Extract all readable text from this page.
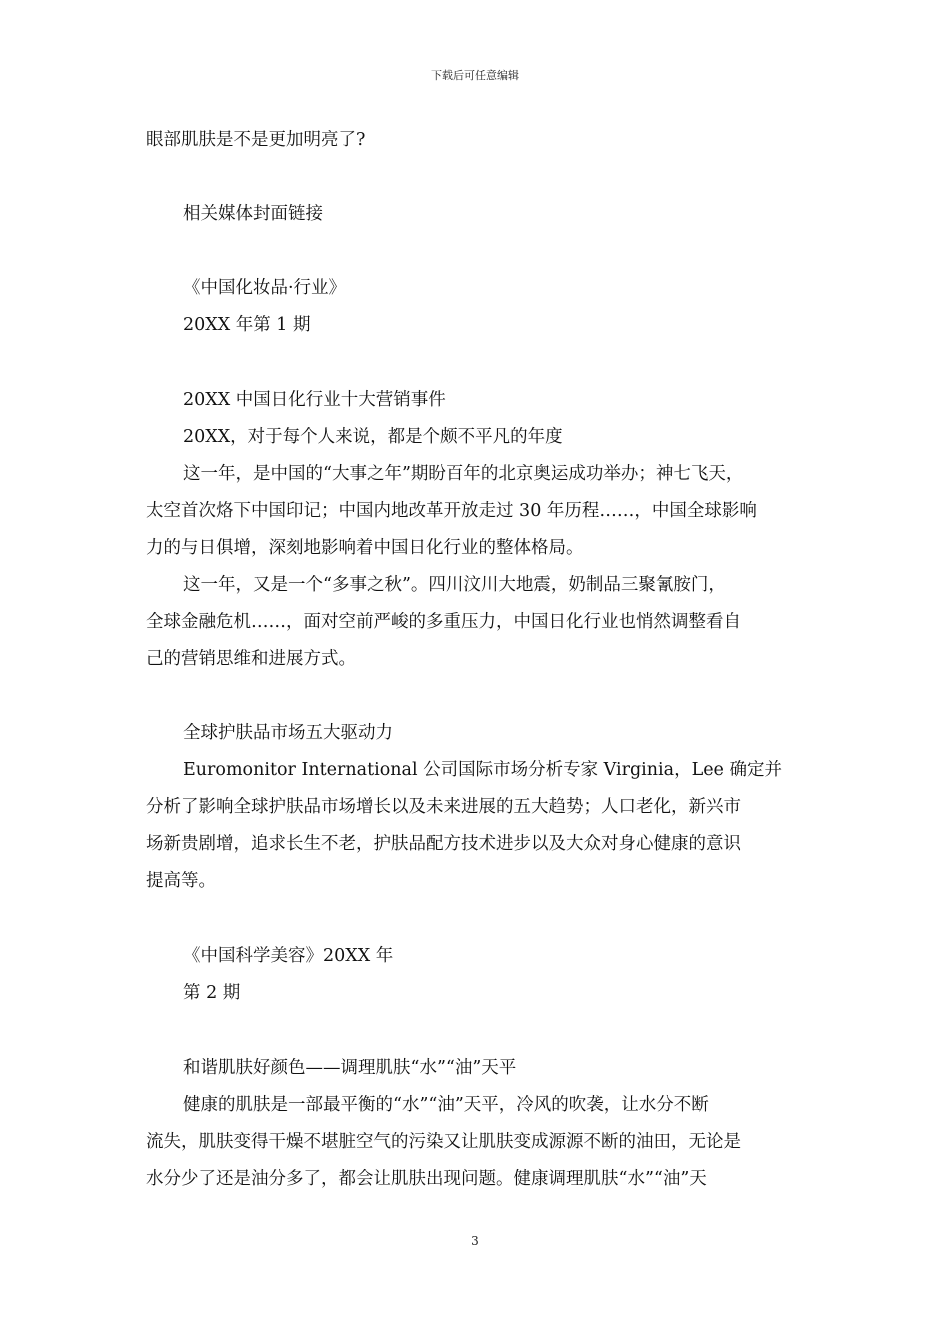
下载后可任意编辑
眼部肌肤是不是更加明亮了?
相关媒体封面链接
《中国化妆品·行业》
20XX 年第 1 期
20XX 中国日化行业十大营销事件
20XX，对于每个人来说，都是个颇不平凡的年度
这一年，是中国的“大事之年”期盼百年的北京奥运成功举办；神七飞天，
太空首次烙下中国印记；中国内地改革开放走过 30 年历程……，中国全球影响
力的与日俱增，深刻地影响着中国日化行业的整体格局。
这一年，又是一个“多事之秋”。四川汶川大地震，奶制品三聚氰胺门，
全球金融危机……，面对空前严峻的多重压力，中国日化行业也悄然调整看自
己的营销思维和进展方式。
全球护肤品市场五大驱动力
Euromonitor International 公司国际市场分析专家 Virginia，Lee 确定并
分析了影响全球护肤品市场增长以及未来进展的五大趋势；人口老化，新兴市
场新贵剧增，追求长生不老，护肤品配方技术进步以及大众对身心健康的意识
提高等。
《中国科学美容》20XX 年
第 2 期
和谐肌肤好颜色——调理肌肤“水”“油”天平
健康的肌肤是一部最平衡的“水”“油”天平，冷风的吹袭，让水分不断
流失，肌肤变得干燥不堪脏空气的污染又让肌肤变成源源不断的油田，无论是
水分少了还是油分多了，都会让肌肤出现问题。健康调理肌肤“水”“油”天
3
